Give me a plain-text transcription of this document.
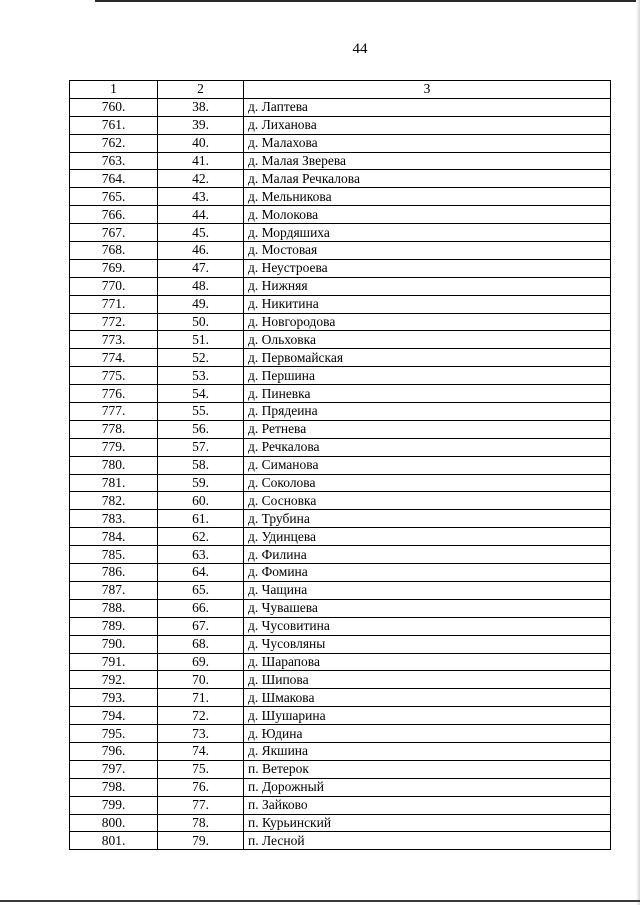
44
1	2	3
760.	38.	д. Лаптева
761.	39.	д. Лиханова
762.	40.	д. Малахова
763.	41.	д. Малая Зверева
764.	42.	д. Малая Речкалова
765.	43.	д. Мельникова
766.	44.	д. Молокова
767.	45.	д. Мордяшиха
768.	46.	д. Мостовая
769.	47.	д. Неустроева
770.	48.	д. Нижняя
771.	49.	д. Никитина
772.	50.	д. Новгородова
773.	51.	д. Ольховка
774.	52.	д. Первомайская
775.	53.	д. Першина
776.	54.	д. Пиневка
777.	55.	д. Прядеина
778.	56.	д. Ретнева
779.	57.	д. Речкалова
780.	58.	д. Симанова
781.	59.	д. Соколова
782.	60.	д. Сосновка
783.	61.	д. Трубина
784.	62.	д. Удинцева
785.	63.	д. Филина
786.	64.	д. Фомина
787.	65.	д. Чащина
788.	66.	д. Чувашева
789.	67.	д. Чусовитина
790.	68.	д. Чусовляны
791.	69.	д. Шарапова
792.	70.	д. Шипова
793.	71.	д. Шмакова
794.	72.	д. Шушарина
795.	73.	д. Юдина
796.	74.	д. Якшина
797.	75.	п. Ветерок
798.	76.	п. Дорожный
799.	77.	п. Зайково
800.	78.	п. Курьинский
801.	79.	п. Лесной
